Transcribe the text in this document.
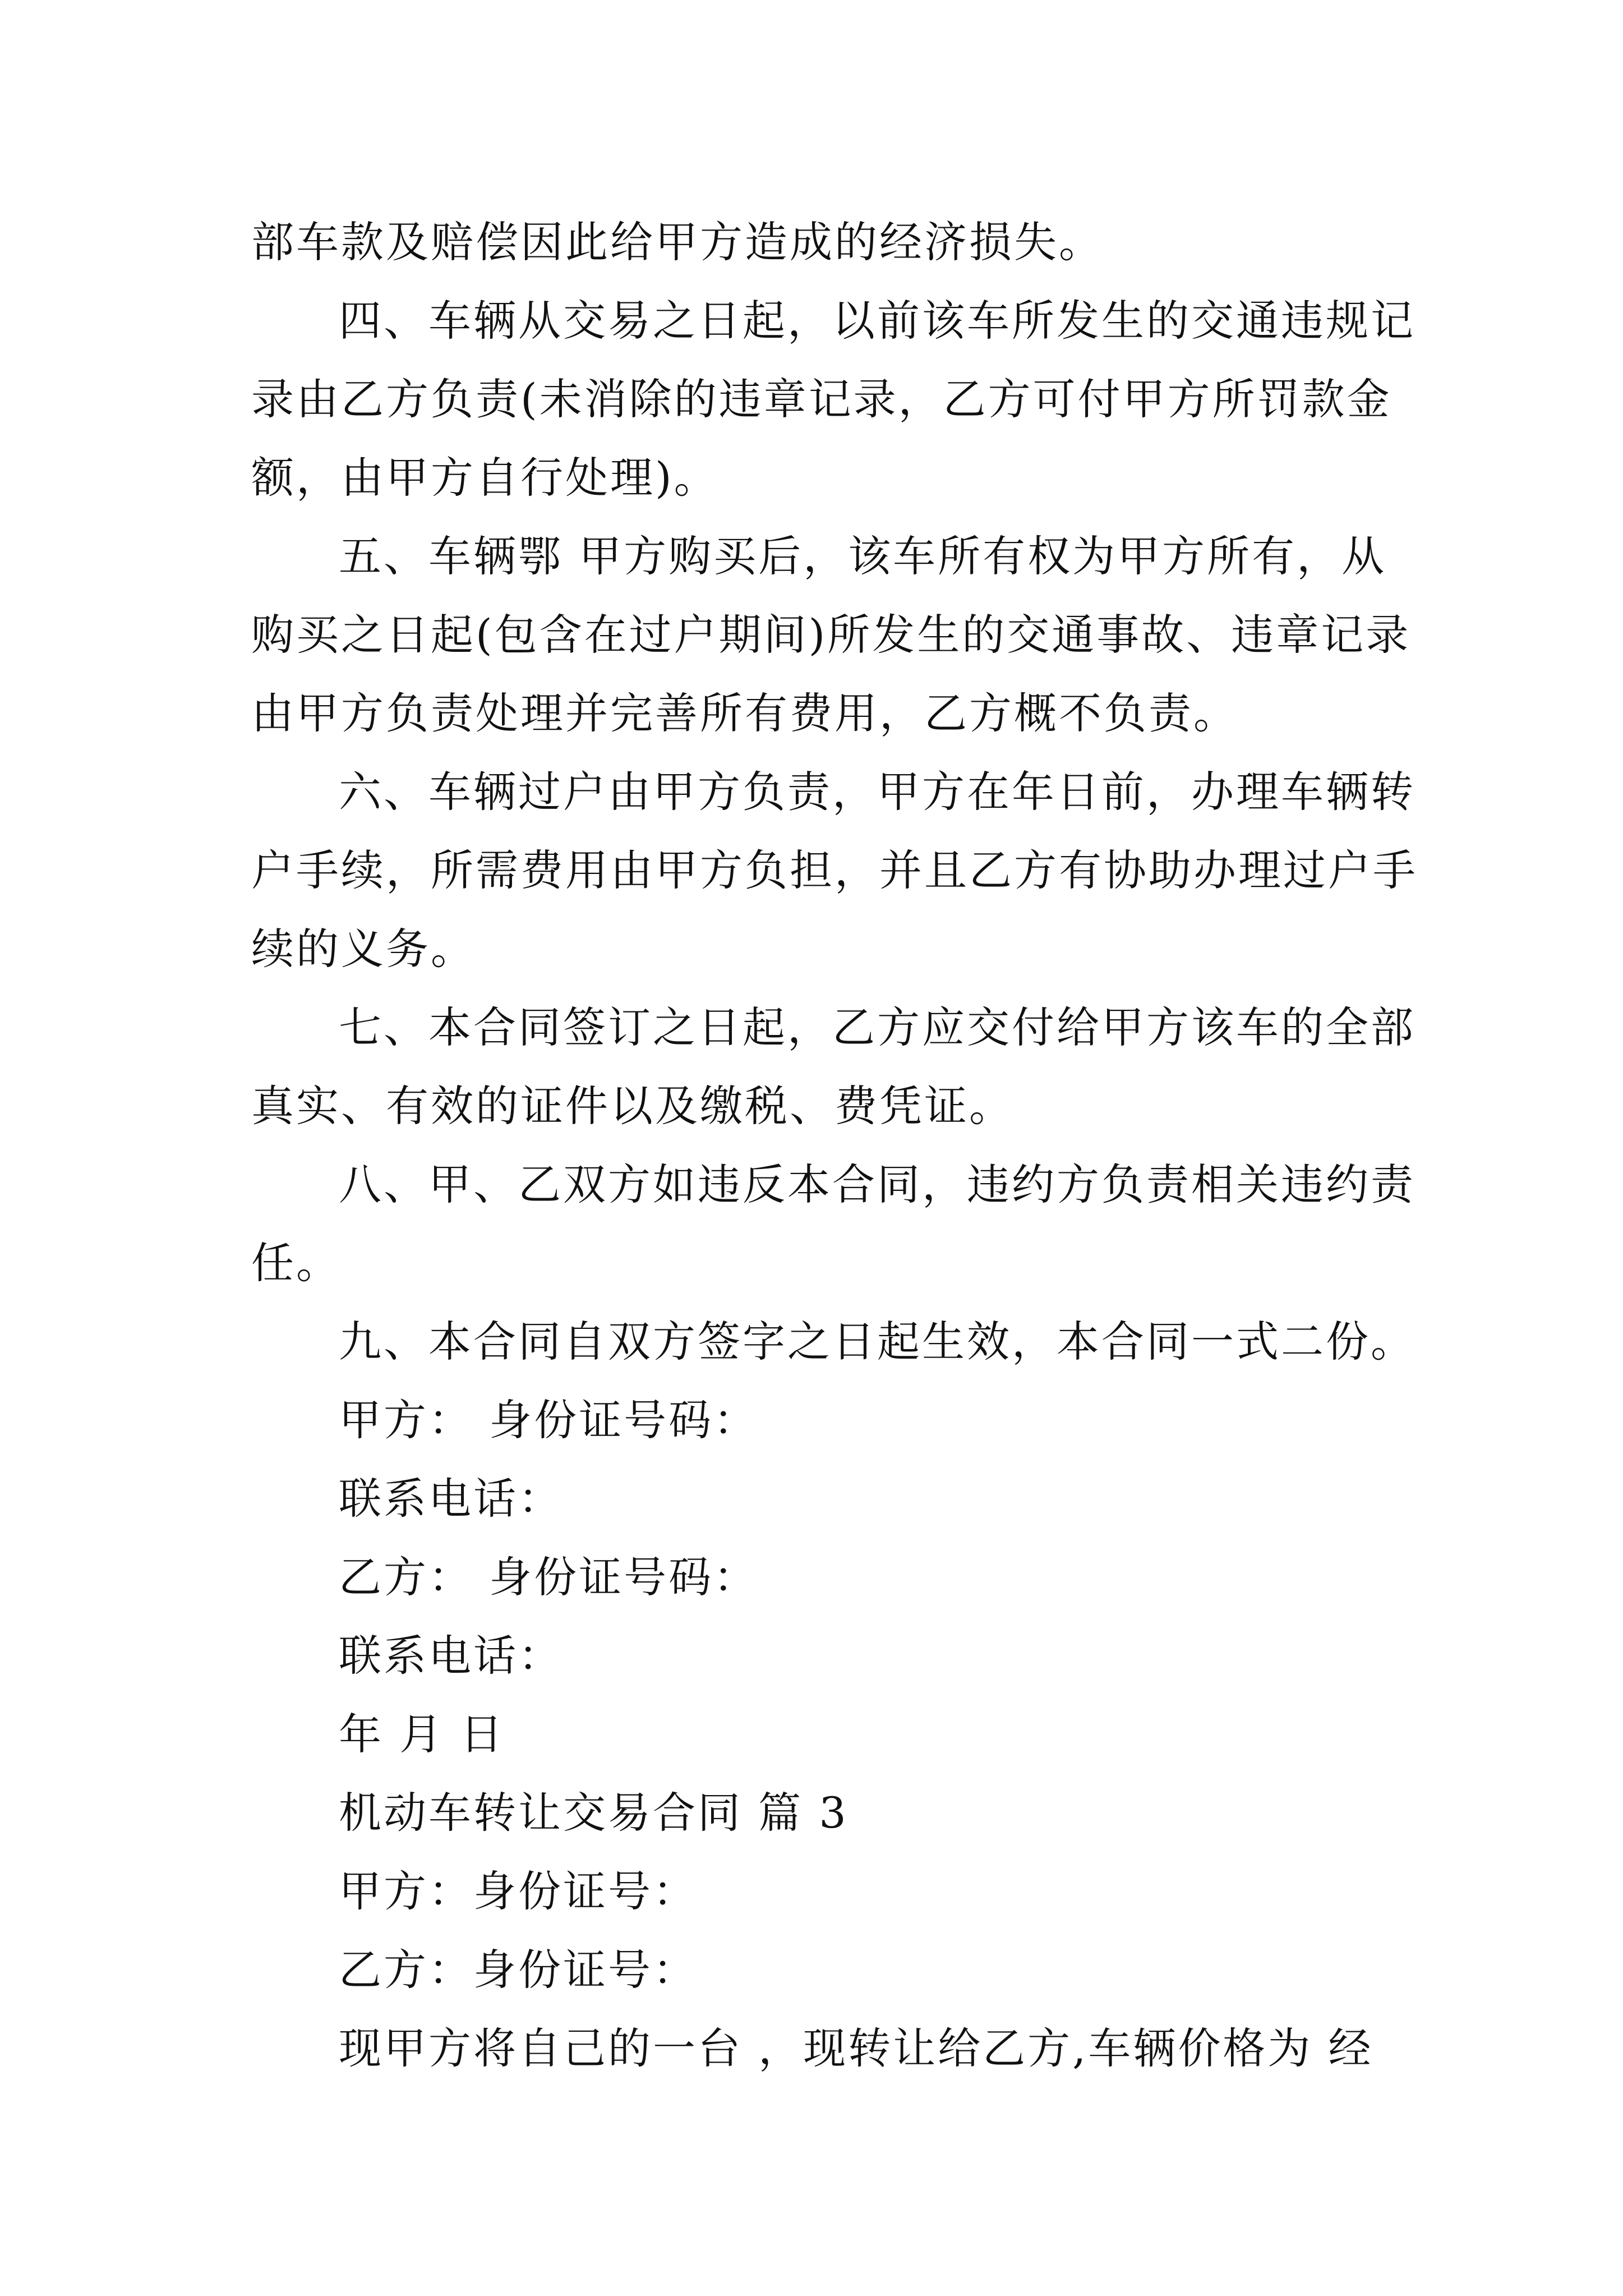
部车款及赔偿因此给甲方造成的经济损失。
四、车辆从交易之日起，以前该车所发生的交通违规记
录由乙方负责(未消除的违章记录，乙方可付甲方所罚款金
额，由甲方自行处理)。
五、车辆鄂 甲方购买后，该车所有权为甲方所有，从
购买之日起(包含在过户期间)所发生的交通事故、违章记录
由甲方负责处理并完善所有费用，乙方概不负责。
六、车辆过户由甲方负责，甲方在年日前，办理车辆转
户手续，所需费用由甲方负担，并且乙方有协助办理过户手
续的义务。
七、本合同签订之日起，乙方应交付给甲方该车的全部
真实、有效的证件以及缴税、费凭证。
八、甲、乙双方如违反本合同，违约方负责相关违约责
任。
九、本合同自双方签字之日起生效，本合同一式二份。
甲方： 身份证号码：
联系电话：
乙方： 身份证号码：
联系电话：
年 月 日
机动车转让交易合同 篇 3
甲方：身份证号：
乙方：身份证号：
现甲方将自己的一台 ，现转让给乙方,车辆价格为 经
